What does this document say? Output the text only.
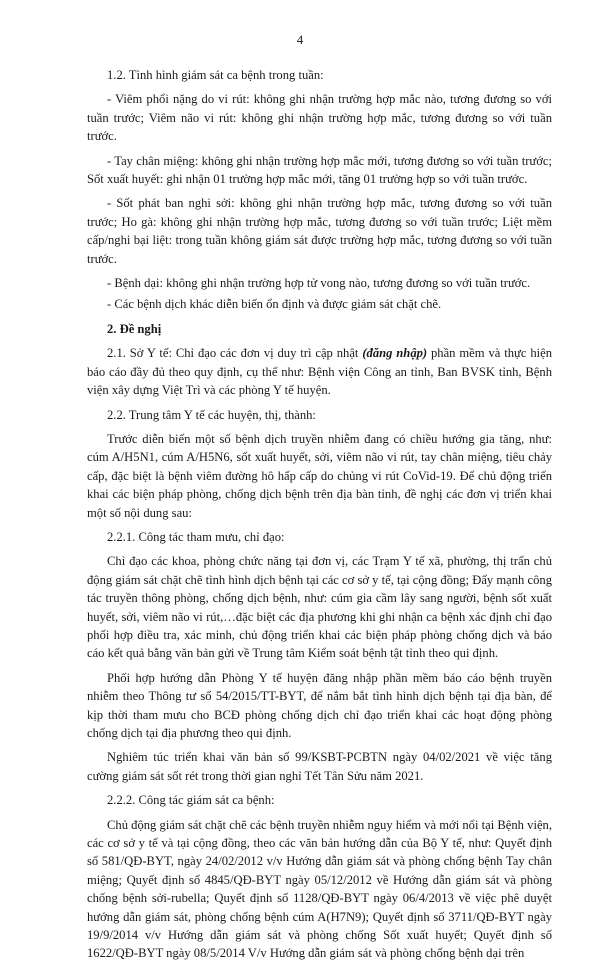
4

1.2. Tình hình giám sát ca bệnh trong tuần:

- Viêm phổi nặng do vi rút: không ghi nhận trường hợp mắc nào, tương đương so với tuần trước; Viêm não vi rút: không ghi nhận trường hợp mắc, tương đương so với tuần trước.

- Tay chân miệng: không ghi nhận trường hợp mắc mới, tương đương so với tuần trước; Sốt xuất huyết: ghi nhận 01 trường hợp mắc mới, tăng 01 trường hợp so với tuần trước.

- Sốt phát ban nghi sởi: không ghi nhận trường hợp mắc, tương đương so với tuần trước; Ho gà: không ghi nhận trường hợp mắc, tương đương so với tuần trước; Liệt mềm cấp/nghi bại liệt: trong tuần không giám sát được trường hợp mắc, tương đương so với tuần trước.

- Bệnh dại: không ghi nhận trường hợp tử vong nào, tương đương so với tuần trước.

- Các bệnh dịch khác diễn biến ổn định và được giám sát chặt chẽ.

2. Đề nghị

2.1. Sở Y tế: Chỉ đạo các đơn vị duy trì cập nhật (đăng nhập) phần mềm và thực hiện báo cáo đầy đủ theo quy định, cụ thể như: Bệnh viện Công an tỉnh, Ban BVSK tỉnh, Bệnh viện xây dựng Việt Trì và các phòng Y tế huyện.

2.2. Trung tâm Y tế các huyện, thị, thành:

Trước diễn biến một số bệnh dịch truyền nhiễm đang có chiều hướng gia tăng, như: cúm A/H5N1, cúm A/H5N6, sốt xuất huyết, sởi, viêm não vi rút, tay chân miệng, tiêu chảy cấp, đặc biệt là bệnh viêm đường hô hấp cấp do chủng vi rút CoVid-19. Để chủ động triển khai các biện pháp phòng, chống dịch bệnh trên địa bàn tỉnh, đề nghị các đơn vị triển khai một số nội dung sau:

2.2.1. Công tác tham mưu, chỉ đạo:

Chỉ đạo các khoa, phòng chức năng tại đơn vị, các Trạm Y tế xã, phường, thị trấn chủ động giám sát chặt chẽ tình hình dịch bệnh tại các cơ sở y tế, tại cộng đồng; Đẩy mạnh công tác truyền thông phòng, chống dịch bệnh, như: cúm gia cầm lây sang người, bệnh sốt xuất huyết, sởi, viêm não vi rút,…đặc biệt các địa phương khi ghi nhận ca bệnh xác định chỉ đạo phối hợp điều tra, xác minh, chủ động triển khai các biện pháp phòng chống dịch và báo cáo kết quả bằng văn bản gửi về Trung tâm Kiểm soát bệnh tật tỉnh theo qui định.

Phối hợp hướng dẫn Phòng Y tế huyện đăng nhập phần mềm báo cáo bệnh truyền nhiễm theo Thông tư số 54/2015/TT-BYT, để nắm bắt tình hình dịch bệnh tại địa bàn, để kịp thời tham mưu cho BCĐ phòng chống dịch chỉ đạo triển khai các hoạt động phòng chống dịch tại địa phương theo qui định.

Nghiêm túc triển khai văn bản số 99/KSBT-PCBTN ngày 04/02/2021 về việc tăng cường giám sát sốt rét trong thời gian nghỉ Tết Tân Sửu năm 2021.

2.2.2. Công tác giám sát ca bệnh:

Chủ động giám sát chặt chẽ các bệnh truyền nhiễm nguy hiểm và mới nổi tại Bệnh viện, các cơ sở y tế và tại cộng đồng, theo các văn bản hướng dẫn của Bộ Y tế, như: Quyết định số 581/QĐ-BYT, ngày 24/02/2012 v/v Hướng dẫn giám sát và phòng chống bệnh Tay chân miệng; Quyết định số 4845/QĐ-BYT ngày 05/12/2012 về Hướng dẫn giám sát và phòng chống bệnh sởi-rubella; Quyết định số 1128/QĐ-BYT ngày 06/4/2013 về việc phê duyệt hướng dẫn giám sát, phòng chống bệnh cúm A(H7N9); Quyết định số 3711/QĐ-BYT ngày 19/9/2014 v/v Hướng dẫn giám sát và phòng chống Sốt xuất huyết; Quyết định số 1622/QĐ-BYT ngày 08/5/2014 V/v Hướng dẫn giám sát và phòng chống bệnh dại trên
